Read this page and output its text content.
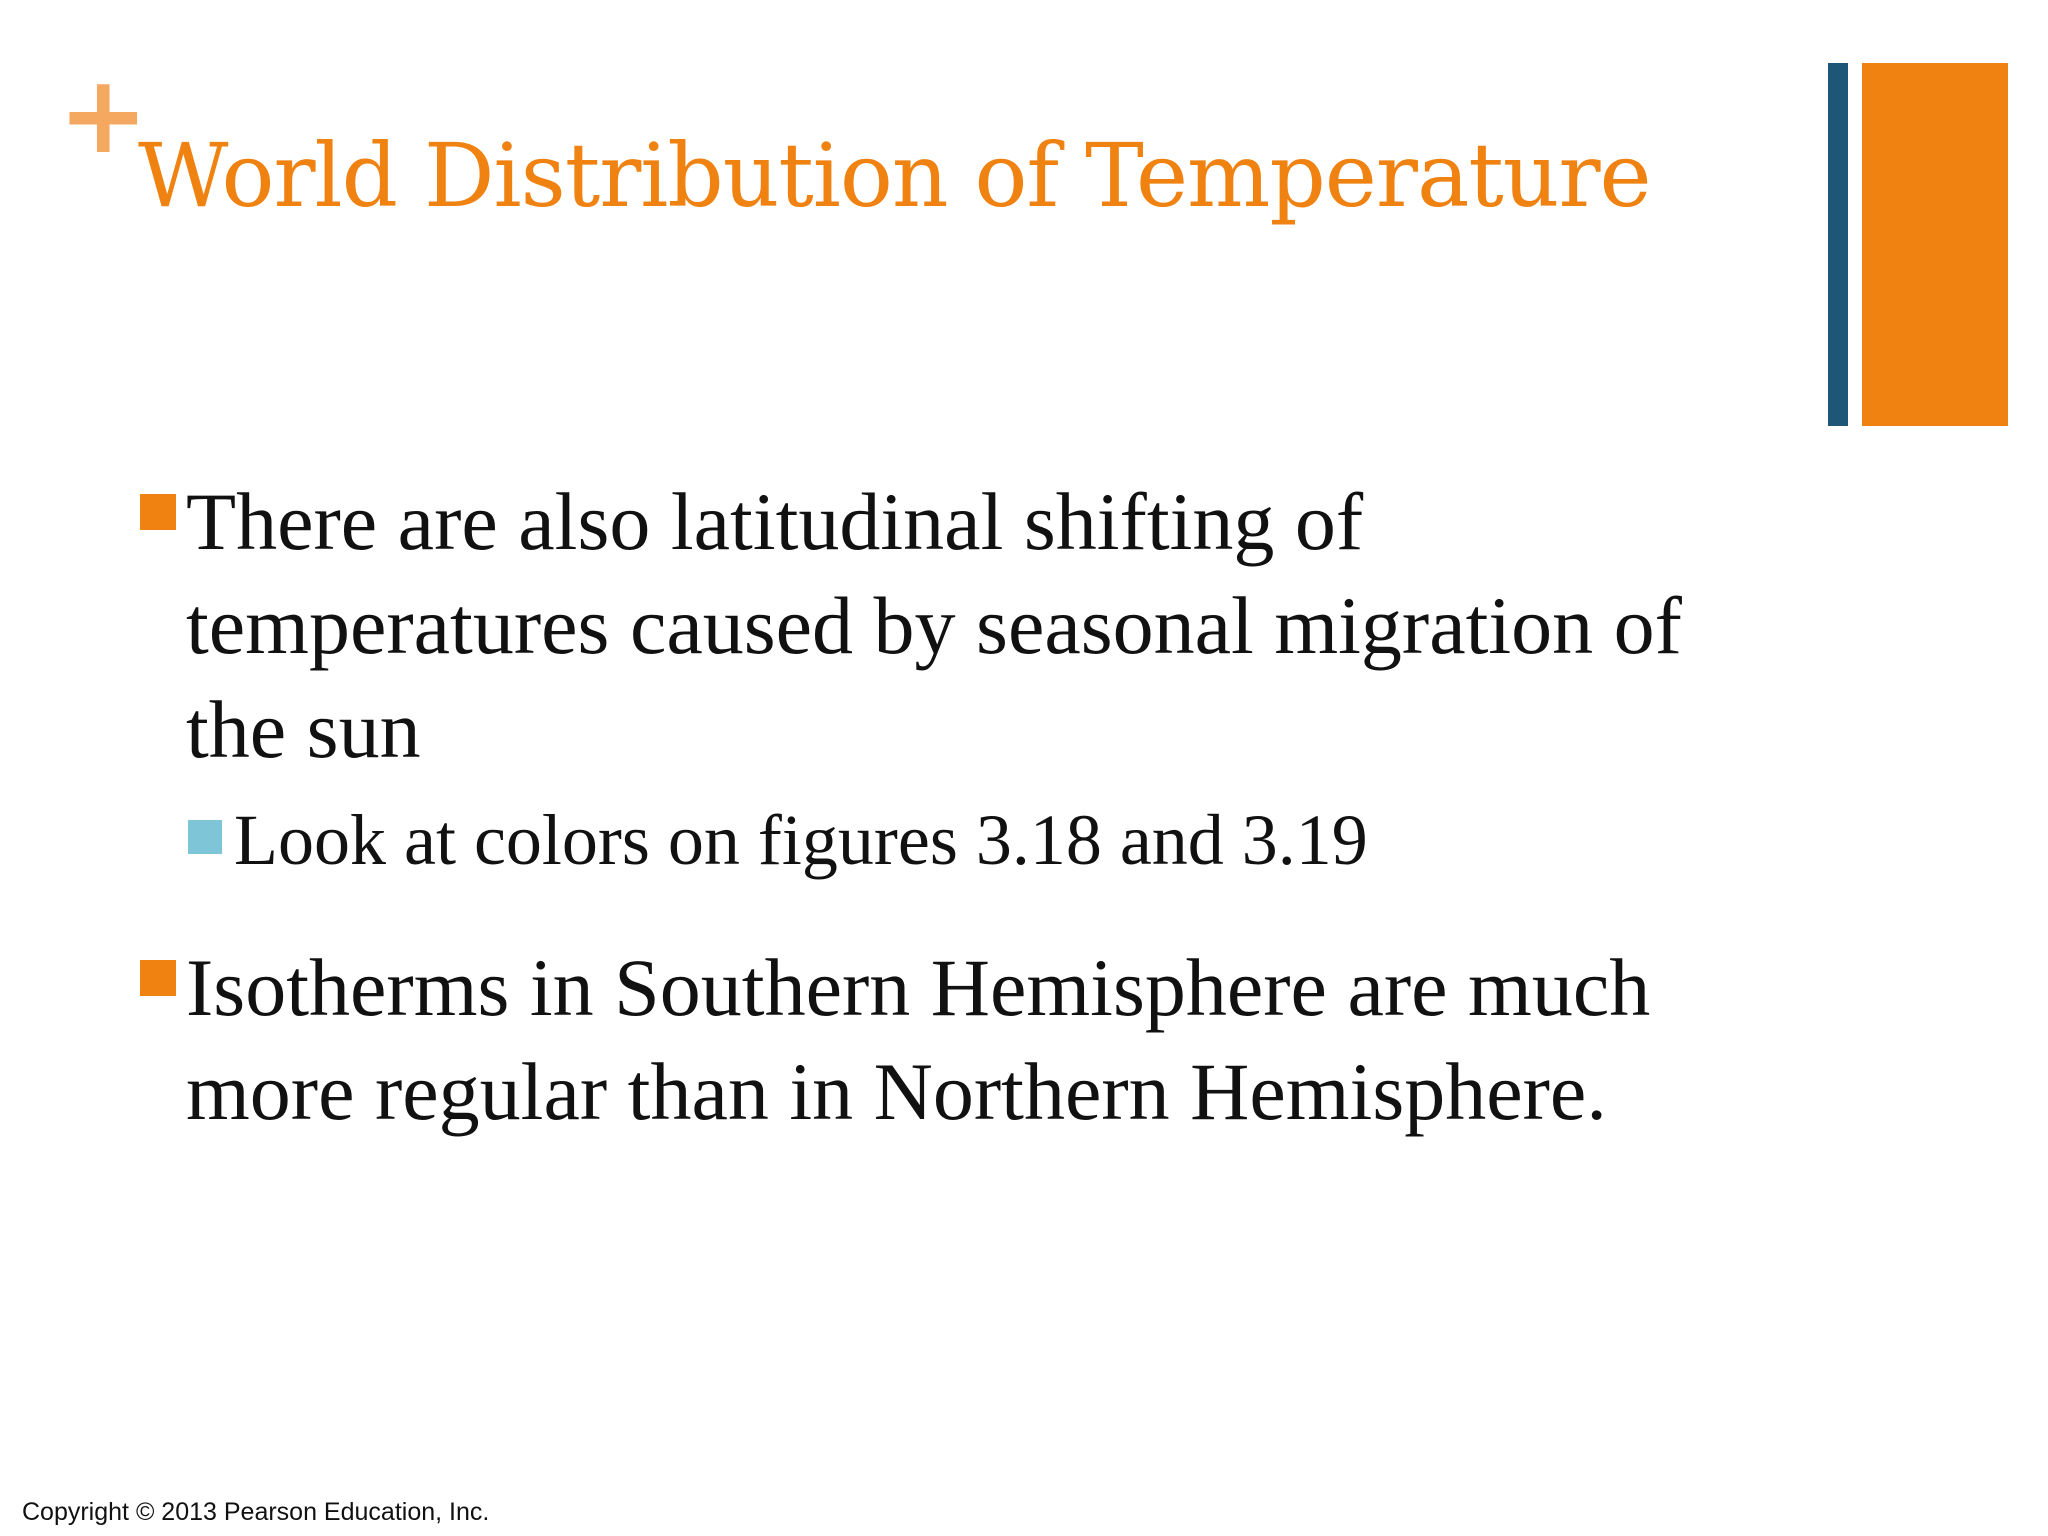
+
World Distribution of Temperature
There are also latitudinal shifting of temperatures caused by seasonal migration of the sun
Look at colors on figures 3.18 and 3.19
Isotherms in Southern Hemisphere are much more regular than in Northern Hemisphere.
Copyright © 2013 Pearson Education, Inc.
